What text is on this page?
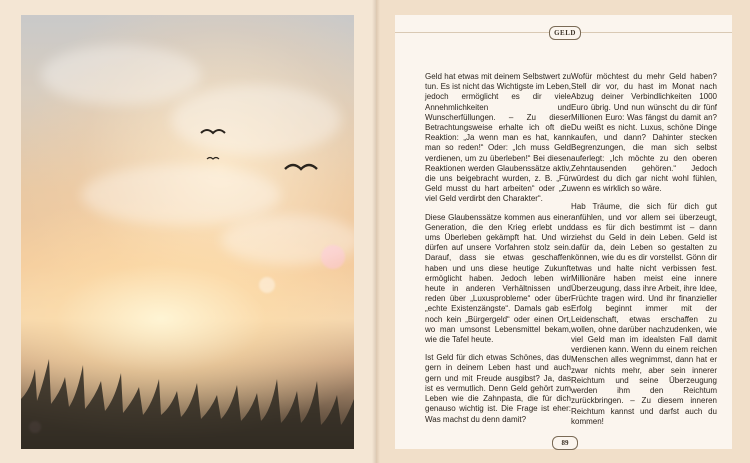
GELD

Geld hat etwas mit deinem Selbstwert zu tun. Es ist nicht das Wichtigste im Leben, jedoch ermöglicht es dir viele Annehmlichkeiten und Wunscherfüllungen. – Zu dieser Betrachtungsweise erhalte ich oft die Reaktion: „Ja wenn man es hat, kann man so reden!“ Oder: „Ich muss Geld verdienen, um zu überleben!“ Bei diesen Reaktionen werden Glaubenssätze aktiv, die uns beigebracht wurden, z. B. „Für Geld musst du hart arbeiten“ oder „Zu viel Geld verdirbt den Charakter“.

Diese Glaubenssätze kommen aus einer Generation, die den Krieg erlebt und ums Überleben gekämpft hat. Und wir dürfen auf unsere Vorfahren stolz sein. Darauf, dass sie etwas geschaffen haben und uns diese heutige Zukunft ermöglicht haben. Jedoch leben wir heute in anderen Verhältnissen und reden über „Luxusprobleme“ oder über „echte Existenzängste“. Damals gab es noch kein „Bürgergeld“ oder einen Ort, wo man umsonst Lebensmittel bekam, wie die Tafel heute.

Ist Geld für dich etwas Schönes, das du gern in deinem Leben hast und auch gern und mit Freude ausgibst? Ja, das ist es vermutlich. Denn Geld gehört zum Leben wie die Zahnpasta, die für dich genauso wichtig ist. Die Frage ist eher: Was machst du denn damit?

Wofür möchtest du mehr Geld haben? Stell dir vor, du hast im Monat nach Abzug deiner Verbindlichkeiten 1000 Euro übrig. Und nun wünscht du dir fünf Millionen Euro: Was fängst du damit an? Du weißt es nicht. Luxus, schöne Dinge kaufen, und dann? Dahinter stecken Begrenzungen, die man sich selbst auferlegt: „Ich möchte zu den oberen Zehntausenden gehören.“ Jedoch würdest du dich gar nicht wohl fühlen, wenn es wirklich so wäre.

Hab Träume, die sich für dich gut anfühlen, und vor allem sei überzeugt, dass es für dich bestimmt ist – dann ziehst du Geld in dein Leben. Geld ist dafür da, dein Leben so gestalten zu können, wie du es dir vorstellst. Gönn dir etwas und halte nicht verbissen fest. Millionäre haben meist eine innere Überzeugung, dass ihre Arbeit, ihre Idee, Früchte tragen wird. Und ihr finanzieller Erfolg beginnt immer mit der Leidenschaft, etwas erschaffen zu wollen, ohne darüber nachzudenken, wie viel Geld man im idealsten Fall damit verdienen kann. Wenn du einem reichen Menschen alles wegnimmst, dann hat er zwar nichts mehr, aber sein innerer Reichtum und seine Überzeugung werden ihm den Reichtum zurückbringen. – Zu diesem inneren Reichtum kannst und darfst auch du kommen!

89
